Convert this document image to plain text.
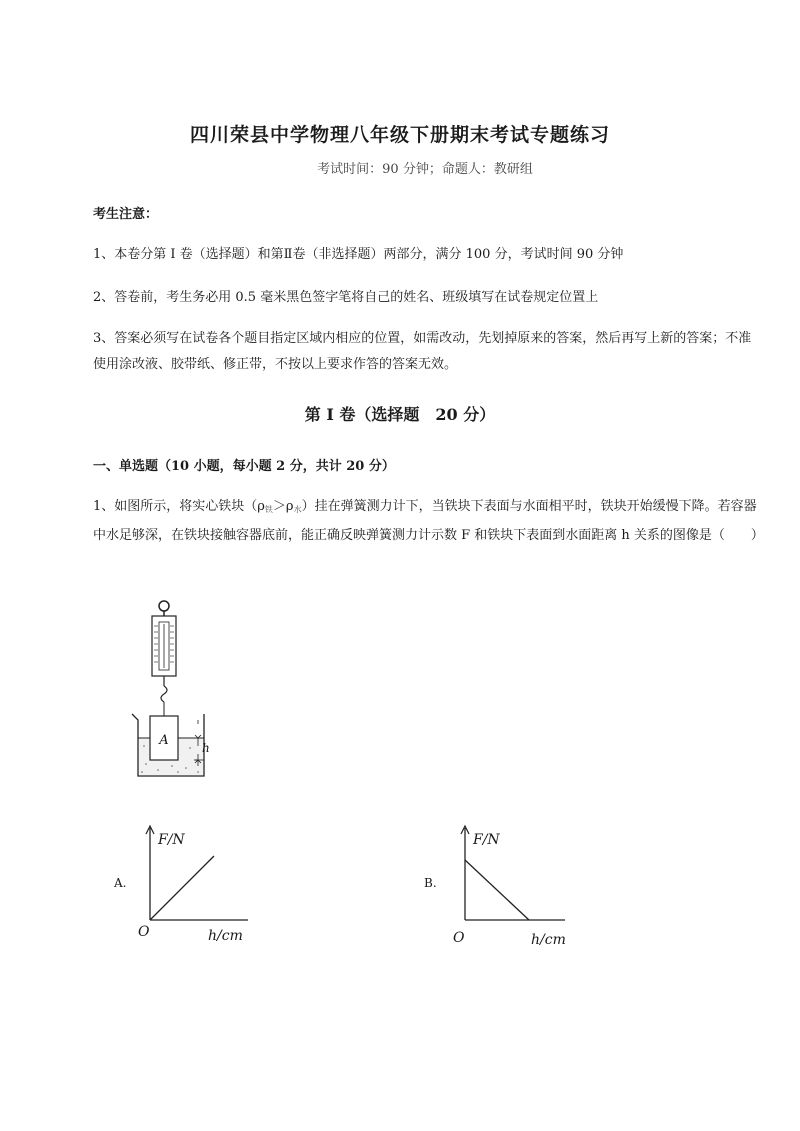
四川荣县中学物理八年级下册期末考试专题练习
考试时间：90 分钟；命题人：教研组
考生注意：
1、本卷分第 I 卷（选择题）和第Ⅱ卷（非选择题）两部分，满分 100 分，考试时间 90 分钟
2、答卷前，考生务必用 0.5 毫米黑色签字笔将自己的姓名、班级填写在试卷规定位置上
3、答案必须写在试卷各个题目指定区域内相应的位置，如需改动，先划掉原来的答案，然后再写上新的答案；不准使用涂改液、胶带纸、修正带，不按以上要求作答的答案无效。
第 I 卷（选择题　20 分）
一、单选题（10 小题，每小题 2 分，共计 20 分）
1、如图所示，将实心铁块$(\rho_铁>\rho_水)$挂在弹簧测力计下，当铁块下表面与水面相平时，铁块开始缓慢下降。若容器中水足够深，在铁块接触容器底前，能正确反映弹簧测力计示数 F 和铁块下表面到水面距离 h 关系的图像是（　　）
A	h
A.
F/N
O	h/cm
B.
F/N
O	h/cm
